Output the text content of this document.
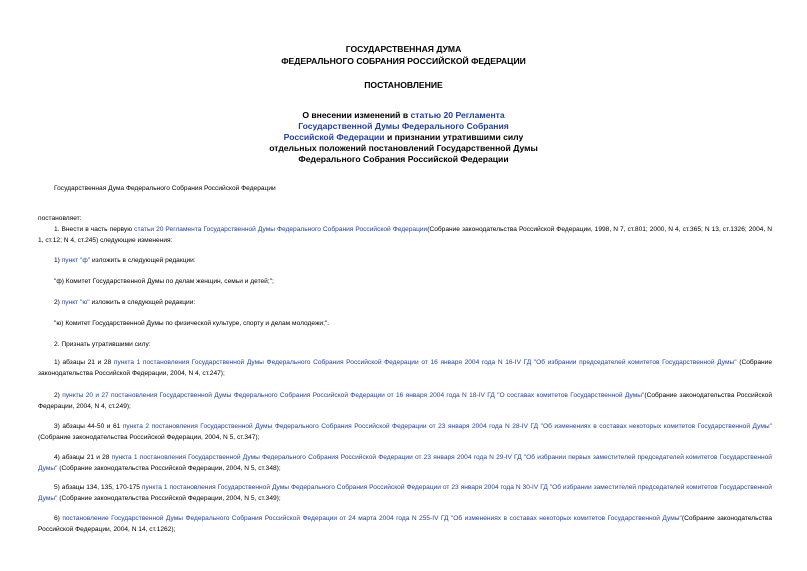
ГОСУДАРСТВЕННАЯ ДУМА
ФЕДЕРАЛЬНОГО СОБРАНИЯ РОССИЙСКОЙ ФЕДЕРАЦИИ
ПОСТАНОВЛЕНИЕ
О внесении изменений в статью 20 Регламента
Государственной Думы Федерального Собрания
Российской Федерации и признании утратившими силу
отдельных положений постановлений Государственной Думы
Федерального Собрания Российской Федерации
Государственная Дума Федерального Собрания Российской Федерации
постановляет:
1. Внести в часть первую статьи 20 Регламента Государственной Думы Федерального Собрания Российской Федерации(Собрание законодательства Российской Федерации, 1998, N 7, ст.801; 2000, N 4, ст.365; N 13, ст.1326; 2004, N 1, ст.12; N 4, ст.245) следующие изменения:
1) пункт "ф" изложить в следующей редакции:
"ф) Комитет Государственной Думы по делам женщин, семьи и детей;";
2) пункт "ю" изложить в следующей редакции:
"ю) Комитет Государственной Думы по физической культуре, спорту и делам молодежи;".
2. Признать утратившими силу:
1) абзацы 21 и 28 пункта 1 постановления Государственной Думы Федерального Собрания Российской Федерации от 16 января 2004 года N 16-IV ГД "Об избрании председателей комитетов Государственной Думы" (Собрание законодательства Российской Федерации, 2004, N 4, ст.247);
2) пункты 20 и 27 постановления Государственной Думы Федерального Собрания Российской Федерации от 16 января 2004 года N 18-IV ГД "О составах комитетов Государственной Думы"(Собрание законодательства Российской Федерации, 2004, N 4, ст.249);
3) абзацы 44-50 и 61 пункта 2 постановления Государственной Думы Федерального Собрания Российской Федерации от 23 января 2004 года N 28-IV ГД "Об изменениях в составах некоторых комитетов Государственной Думы" (Собрание законодательства Российской Федерации, 2004, N 5, ст.347);
4) абзацы 21 и 28 пункта 1 постановления Государственной Думы Федерального Собрания Российской Федерации от 23 января 2004 года N 29-IV ГД "Об избрании первых заместителей председателей комитетов Государственной Думы" (Собрание законодательства Российской Федерации, 2004, N 5, ст.348);
5) абзацы 134, 135, 170-175 пункта 1 постановления Государственной Думы Федерального Собрания Российской Федерации от 23 января 2004 года N 30-IV ГД "Об избрании заместителей председателей комитетов Государственной Думы" (Собрание законодательства Российской Федерации, 2004, N 5, ст.349);
6) постановление Государственной Думы Федерального Собрания Российской Федерации от 24 марта 2004 года N 255-IV ГД "Об изменениях в составах некоторых комитетов Государственной Думы"(Собрание законодательства Российской Федерации, 2004, N 14, ст.1262);
